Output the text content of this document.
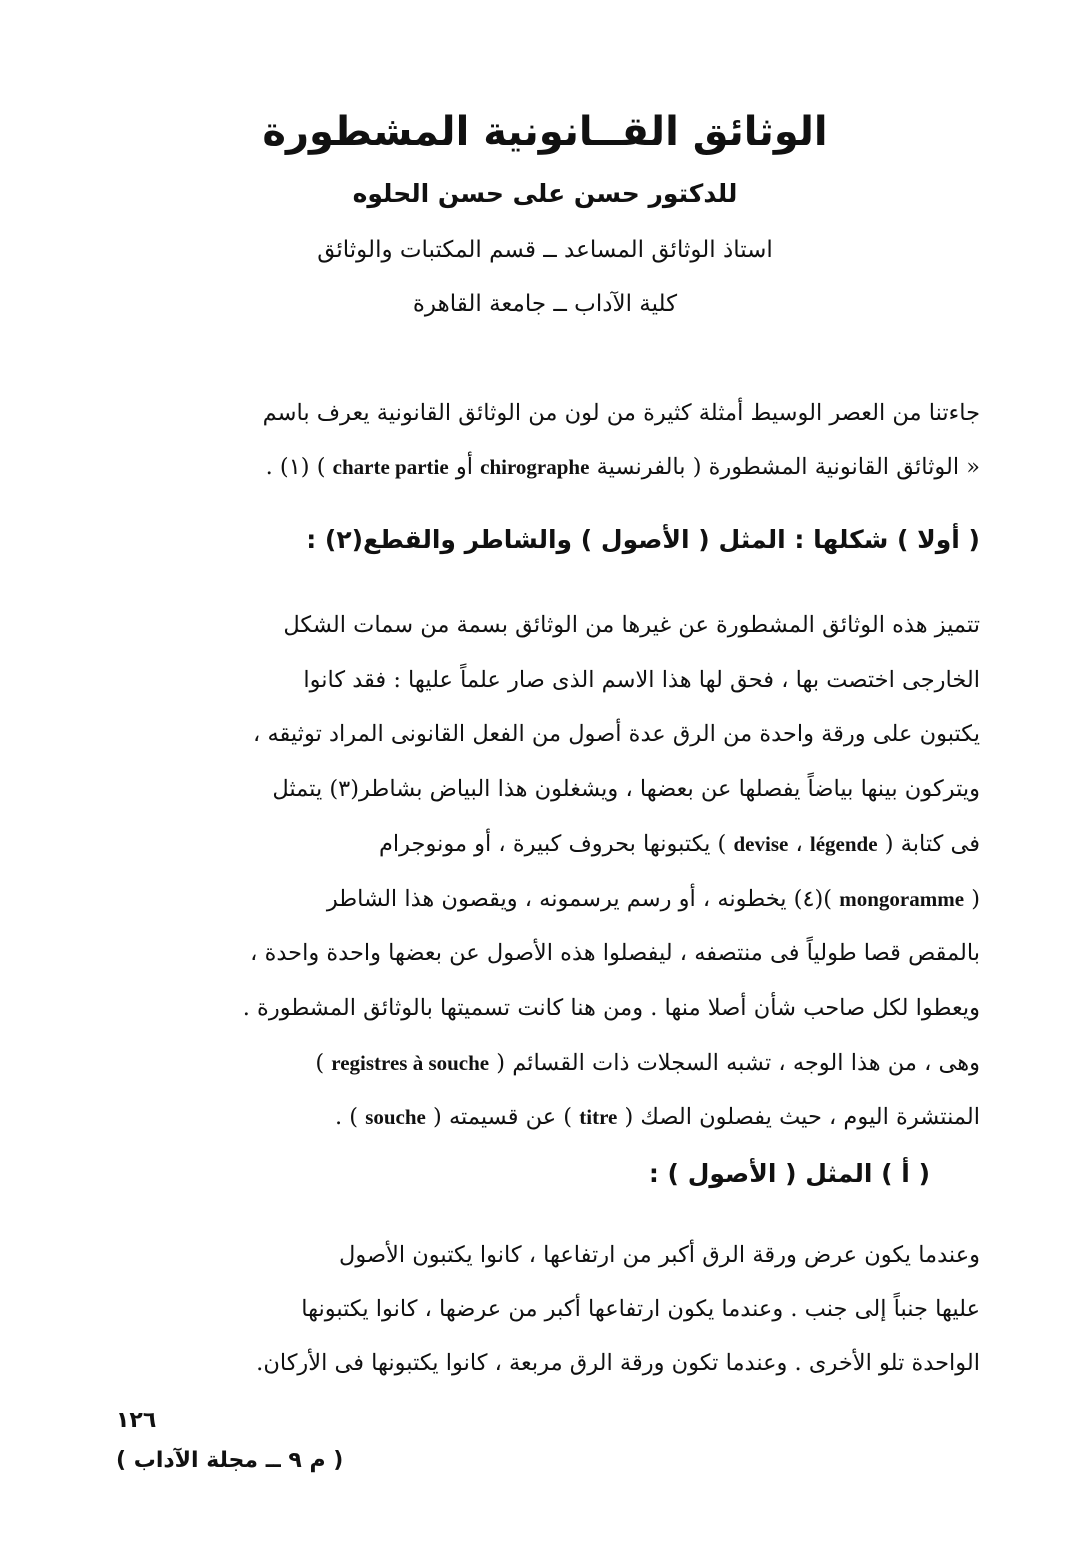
الوثائق القــانونية المشطورة
للدكتور حسن على حسن الحلوه
استاذ الوثائق المساعد ــ قسم المكتبات والوثائق
كلية الآداب ــ جامعة القاهرة

جاءتنا من العصر الوسيط أمثلة كثيرة من لون من الوثائق القانونية يعرف باسم

« الوثائق القانونية المشطورة ( بالفرنسية chirographe أو charte partie ) (١) .

( أولا ) شكلها : المثل ( الأصول ) والشاطر والقطع(٢) :

تتميز هذه الوثائق المشطورة عن غيرها من الوثائق بسمة من سمات الشكل

الخارجى اختصت بها ، فحق لها هذا الاسم الذى صار علماً عليها : فقد كانوا

يكتبون على ورقة واحدة من الرق عدة أصول من الفعل القانونى المراد توثيقه ،

ويتركون بينها بياضاً يفصلها عن بعضها ، ويشغلون هذا البياض بشاطر(٣) يتمثل

فى كتابة ( légende ، devise ) يكتبونها بحروف كبيرة ، أو مونوجرام

( mongoramme )(٤) يخطونه ، أو رسم يرسمونه ، ويقصون هذا الشاطر

بالمقص قصا طولياً فى منتصفه ، ليفصلوا هذه الأصول عن بعضها واحدة واحدة ،

ويعطوا لكل صاحب شأن أصلا منها . ومن هنا كانت تسميتها بالوثائق المشطورة .

وهى ، من هذا الوجه ، تشبه السجلات ذات القسائم ( registres à souche )

المنتشرة اليوم ، حيث يفصلون الصك ( titre ) عن قسيمته ( souche ) .

( أ ) المثل ( الأصول ) :

وعندما يكون عرض ورقة الرق أكبر من ارتفاعها ، كانوا يكتبون الأصول

عليها جنباً إلى جنب . وعندما يكون ارتفاعها أكبر من عرضها ، كانوا يكتبونها

الواحدة تلو الأخرى . وعندما تكون ورقة الرق مربعة ، كانوا يكتبونها فى الأركان.

١٢٦
( م ٩ ــ مجلة الآداب )
